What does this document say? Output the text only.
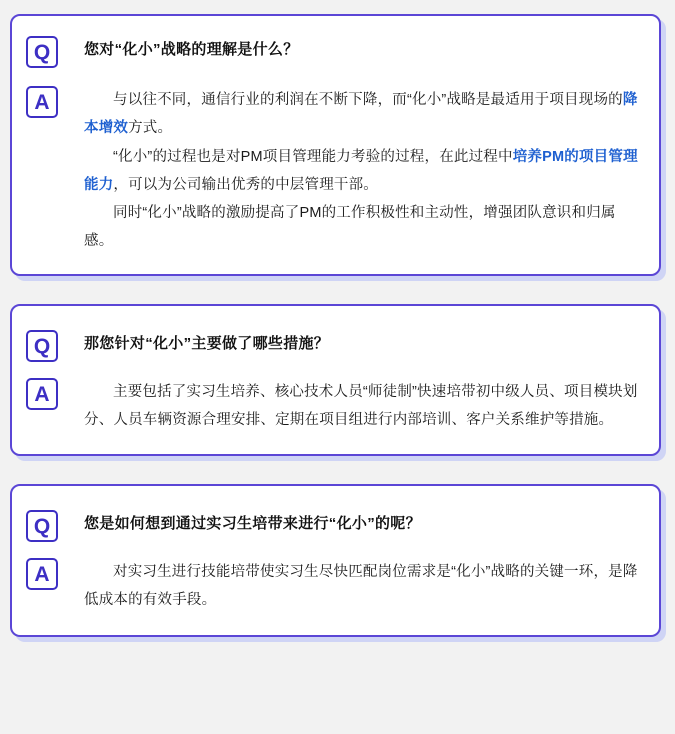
Q	您对“化小”战略的理解是什么？
A	与以往不同，通信行业的利润在不断下降，而“化小”战略是最适用于项目现场的降本增效方式。

“化小”的过程也是对PM项目管理能力考验的过程，在此过程中培养PM的项目管理能力，可以为公司输出优秀的中层管理干部。

同时“化小”战略的激励提高了PM的工作积极性和主动性，增强团队意识和归属感。

Q	那您针对“化小”主要做了哪些措施？
A	主要包括了实习生培养、核心技术人员“师徒制”快速培带初中级人员、项目模块划分、人员车辆资源合理安排、定期在项目组进行内部培训、客户关系维护等措施。

Q	您是如何想到通过实习生培带来进行“化小”的呢？
A	对实习生进行技能培带使实习生尽快匹配岗位需求是“化小”战略的关键一环，是降低成本的有效手段。
